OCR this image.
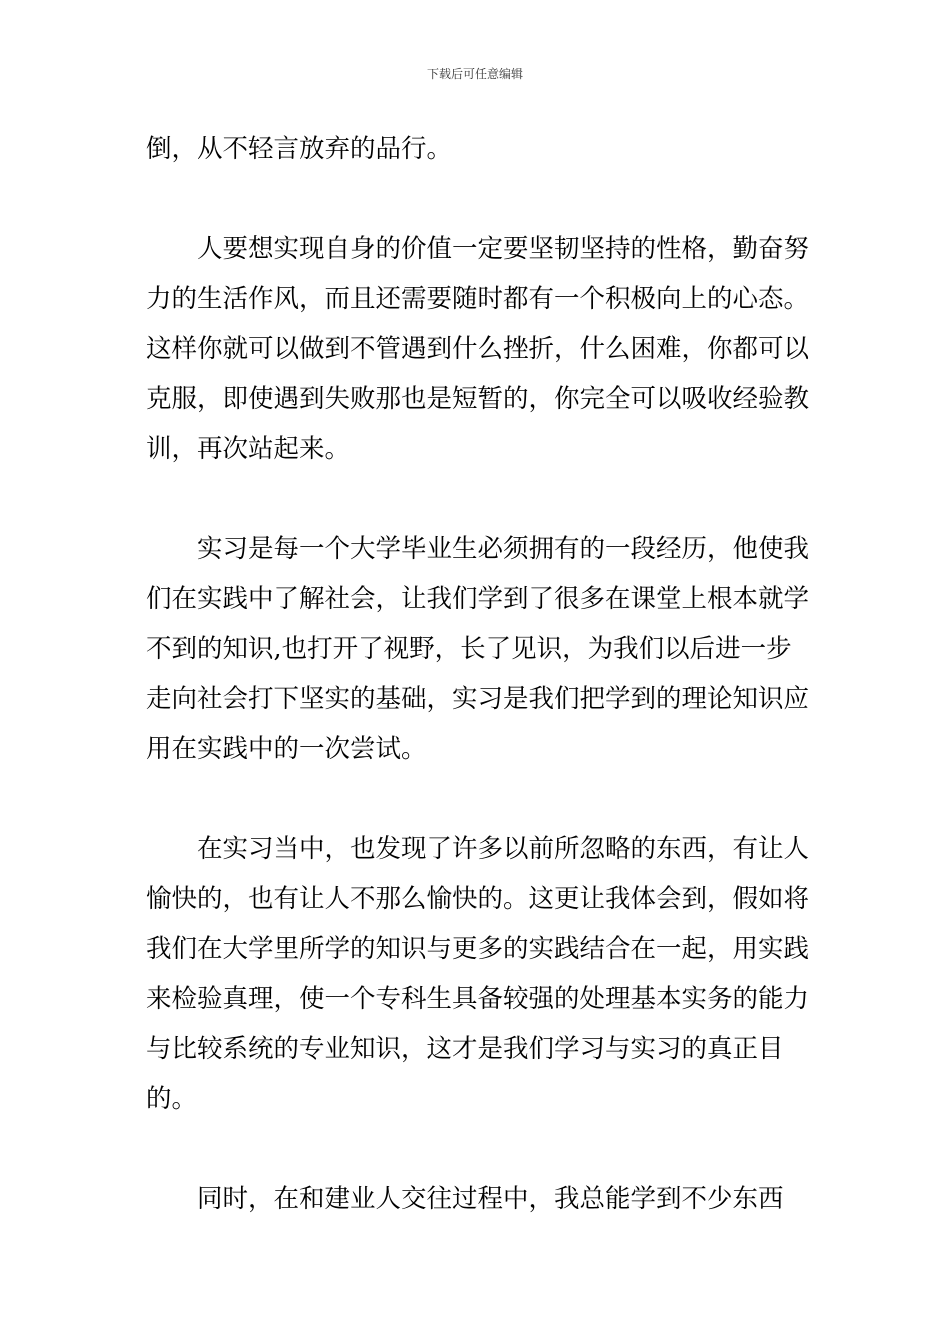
下载后可任意编辑

倒，从不轻言放弃的品行。

人要想实现自身的价值一定要坚韧坚持的性格，勤奋努力的生活作风，而且还需要随时都有一个积极向上的心态。这样你就可以做到不管遇到什么挫折，什么困难，你都可以克服，即使遇到失败那也是短暂的，你完全可以吸收经验教训，再次站起来。

实习是每一个大学毕业生必须拥有的一段经历，他使我们在实践中了解社会，让我们学到了很多在课堂上根本就学不到的知识,也打开了视野，长了见识，为我们以后进一步走向社会打下坚实的基础，实习是我们把学到的理论知识应用在实践中的一次尝试。

在实习当中，也发现了许多以前所忽略的东西，有让人愉快的，也有让人不那么愉快的。这更让我体会到，假如将我们在大学里所学的知识与更多的实践结合在一起，用实践来检验真理，使一个专科生具备较强的处理基本实务的能力与比较系统的专业知识，这才是我们学习与实习的真正目的。

同时，在和建业人交往过程中，我总能学到不少东西
